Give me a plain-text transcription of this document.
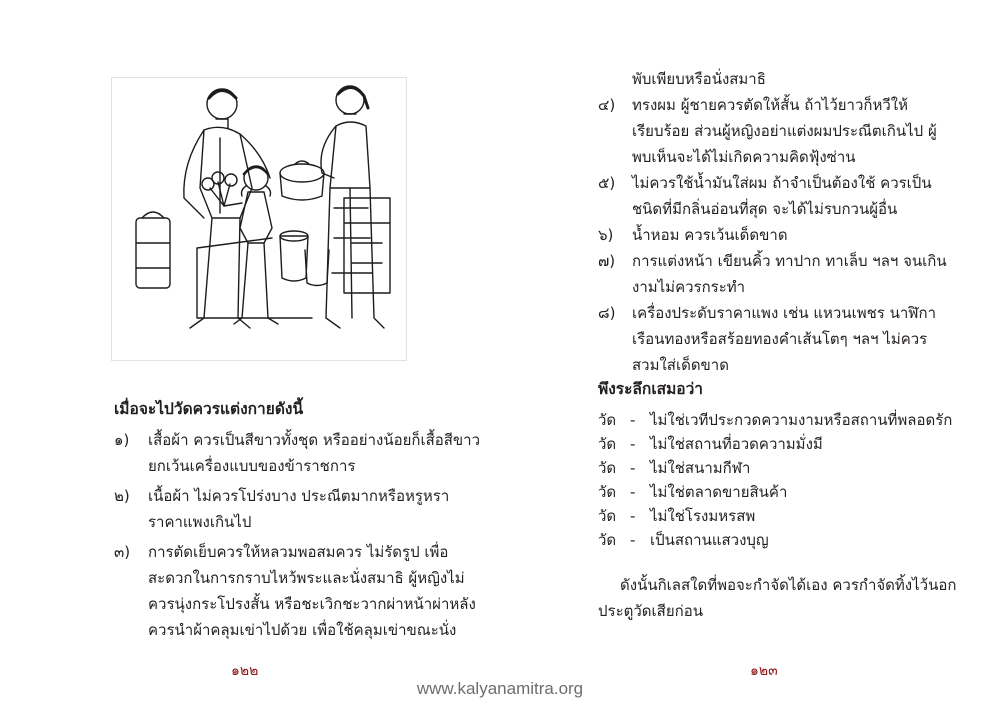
เมื่อจะไปวัดควรแต่งกายดังนี้
๑)	เสื้อผ้า ควรเป็นสีขาวทั้งชุด หรืออย่างน้อยก็เสื้อสีขาว
ยกเว้นเครื่องแบบของข้าราชการ
๒)	เนื้อผ้า ไม่ควรโปร่งบาง ประณีตมากหรือหรูหรา
ราคาแพงเกินไป
๓)	การตัดเย็บควรให้หลวมพอสมควร ไม่รัดรูป เพื่อ
สะดวกในการกราบไหว้พระและนั่งสมาธิ ผู้หญิงไม่
ควรนุ่งกระโปรงสั้น หรือชะเวิกชะวากผ่าหน้าผ่าหลัง
ควรนำผ้าคลุมเข่าไปด้วย เพื่อใช้คลุมเข่าขณะนั่ง
๑๒๒
พับเพียบหรือนั่งสมาธิ
๔)	ทรงผม ผู้ชายควรตัดให้สั้น ถ้าไว้ยาวก็หวีให้
เรียบร้อย ส่วนผู้หญิงอย่าแต่งผมประณีตเกินไป ผู้
พบเห็นจะได้ไม่เกิดความคิดฟุ้งซ่าน
๕)	ไม่ควรใช้น้ำมันใส่ผม ถ้าจำเป็นต้องใช้ ควรเป็น
ชนิดที่มีกลิ่นอ่อนที่สุด จะได้ไม่รบกวนผู้อื่น
๖)	น้ำหอม ควรเว้นเด็ดขาด
๗)	การแต่งหน้า เขียนคิ้ว ทาปาก ทาเล็บ ฯลฯ จนเกิน
งามไม่ควรกระทำ
๘)	เครื่องประดับราคาแพง เช่น แหวนเพชร นาฬิกา
เรือนทองหรือสร้อยทองคำเส้นโตๆ ฯลฯ ไม่ควร
สวมใส่เด็ดขาด
พึงระลึกเสมอว่า
วัด - ไม่ใช่เวทีประกวดความงามหรือสถานที่พลอดรัก
วัด - ไม่ใช่สถานที่อวดความมั่งมี
วัด - ไม่ใช่สนามกีฬา
วัด - ไม่ใช่ตลาดขายสินค้า
วัด - ไม่ใช่โรงมหรสพ
วัด - เป็นสถานแสวงบุญ
ดังนั้นกิเลสใดที่พอจะกำจัดได้เอง ควรกำจัดทิ้งไว้นอก
ประตูวัดเสียก่อน
๑๒๓
www.kalyanamitra.org
